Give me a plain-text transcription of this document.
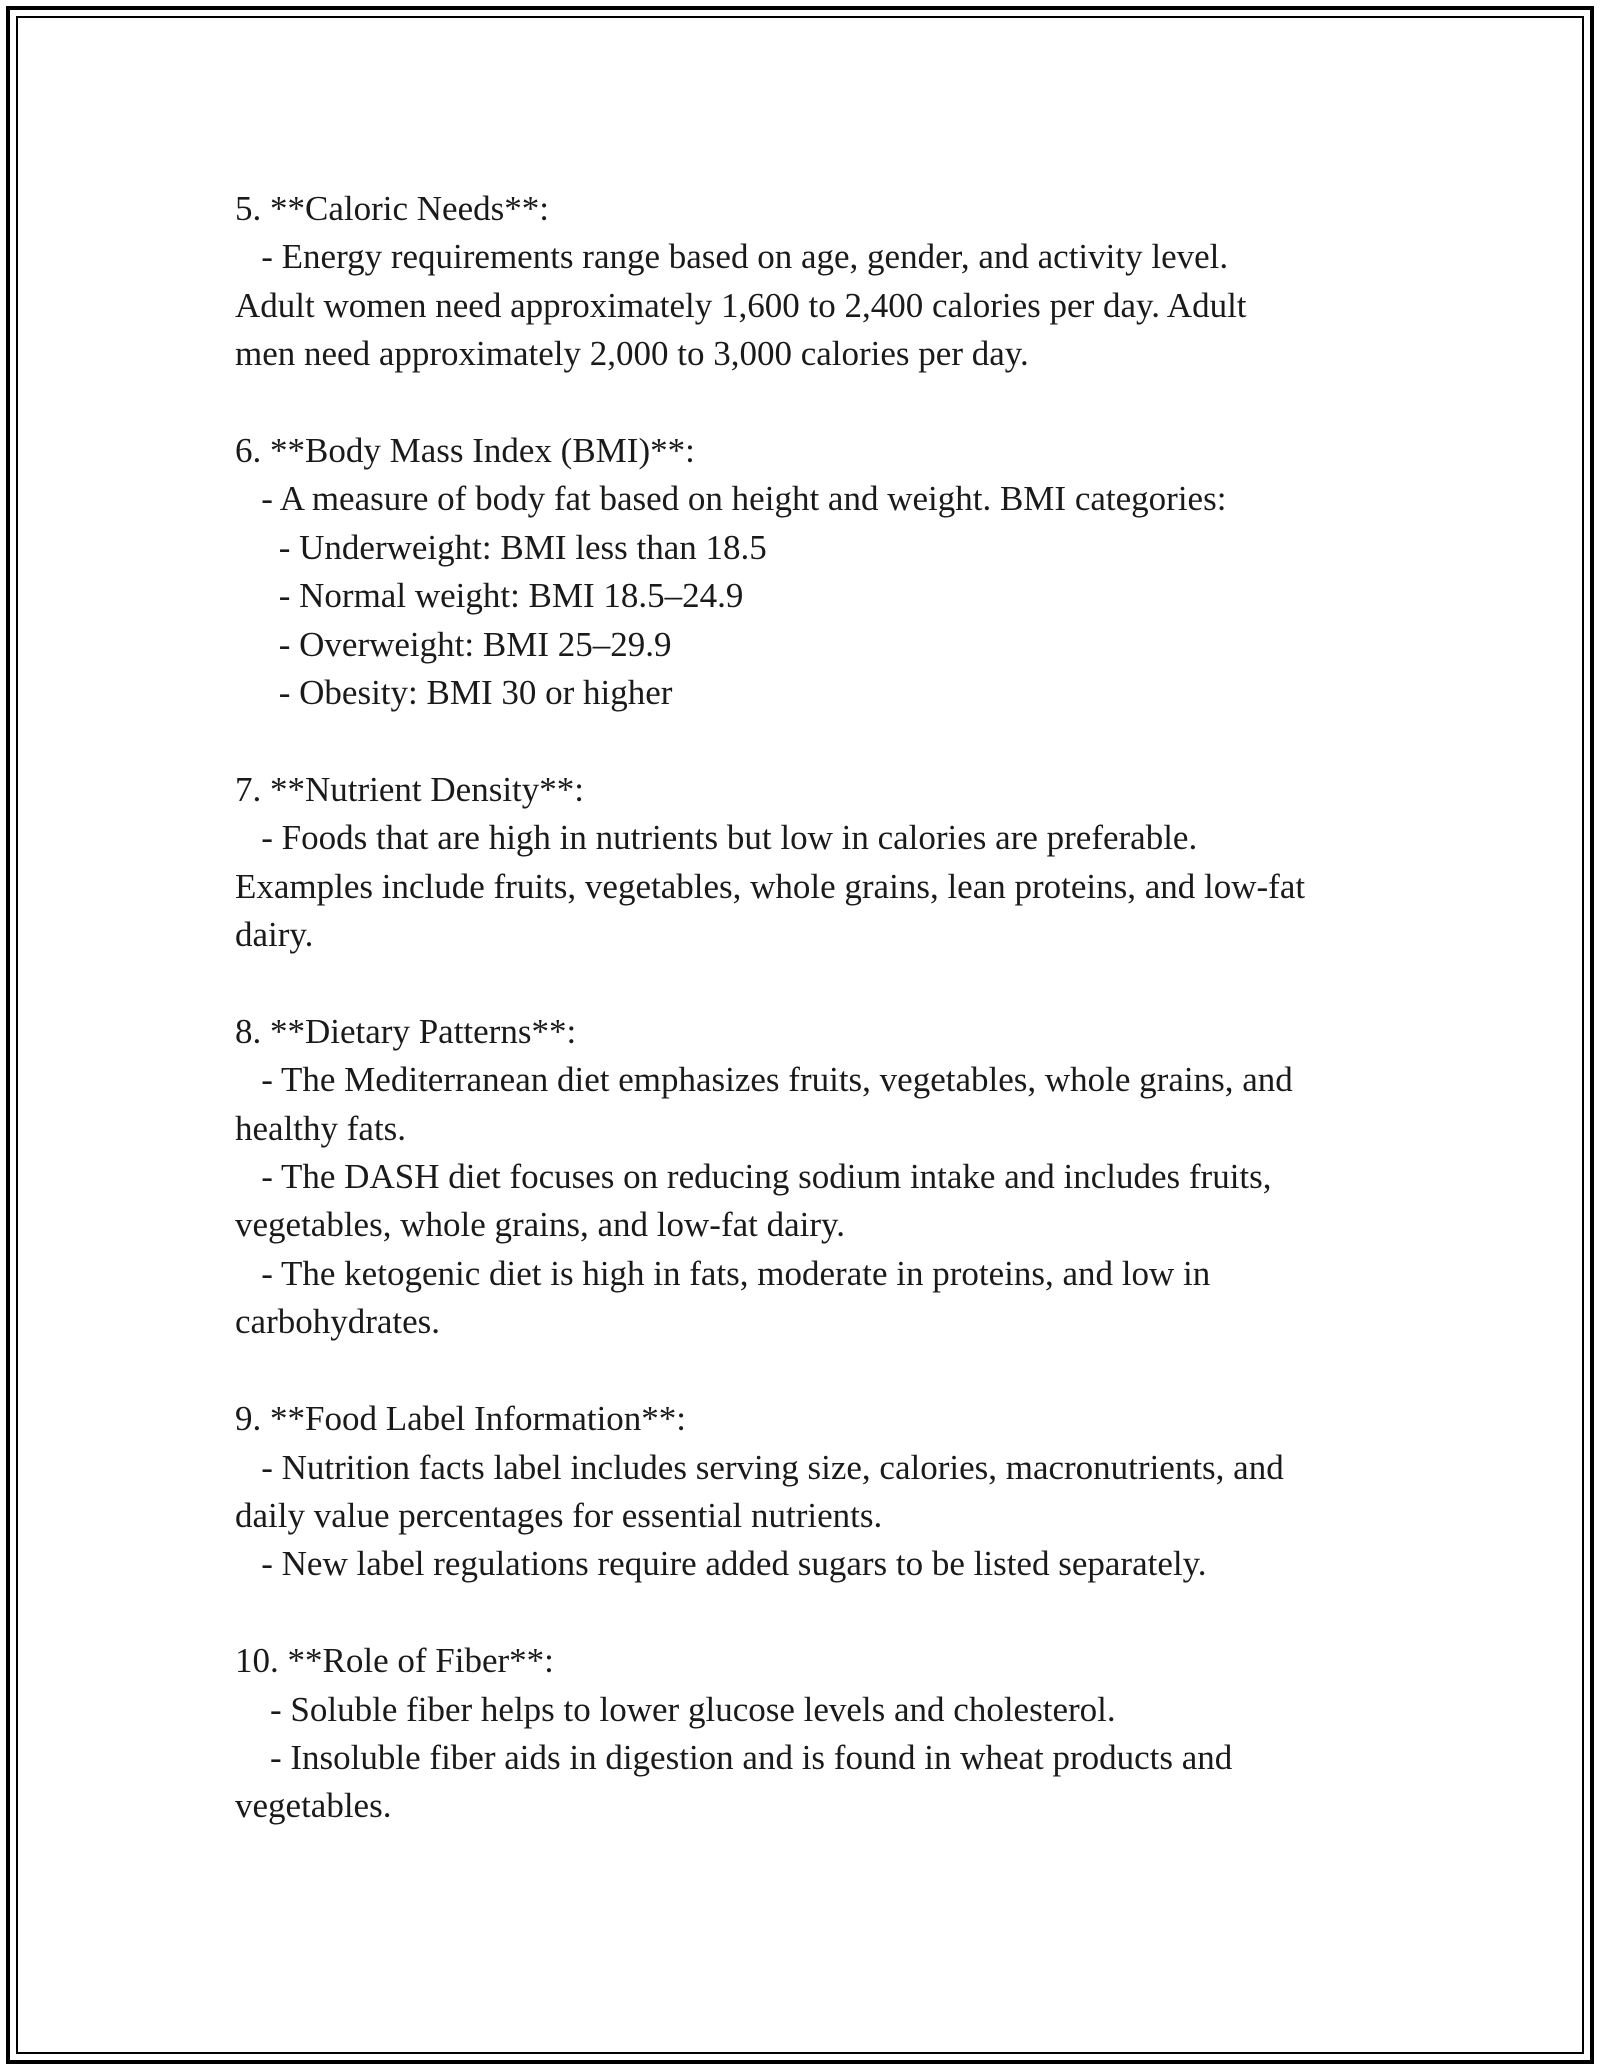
5. **Caloric Needs**:
- Energy requirements range based on age, gender, and activity level.
Adult women need approximately 1,600 to 2,400 calories per day. Adult
men need approximately 2,000 to 3,000 calories per day.
6. **Body Mass Index (BMI)**:
- A measure of body fat based on height and weight. BMI categories:
- Underweight: BMI less than 18.5
- Normal weight: BMI 18.5–24.9
- Overweight: BMI 25–29.9
- Obesity: BMI 30 or higher
7. **Nutrient Density**:
- Foods that are high in nutrients but low in calories are preferable.
Examples include fruits, vegetables, whole grains, lean proteins, and low-fat
dairy.
8. **Dietary Patterns**:
- The Mediterranean diet emphasizes fruits, vegetables, whole grains, and
healthy fats.
- The DASH diet focuses on reducing sodium intake and includes fruits,
vegetables, whole grains, and low-fat dairy.
- The ketogenic diet is high in fats, moderate in proteins, and low in
carbohydrates.
9. **Food Label Information**:
- Nutrition facts label includes serving size, calories, macronutrients, and
daily value percentages for essential nutrients.
- New label regulations require added sugars to be listed separately.
10. **Role of Fiber**:
- Soluble fiber helps to lower glucose levels and cholesterol.
- Insoluble fiber aids in digestion and is found in wheat products and
vegetables.
